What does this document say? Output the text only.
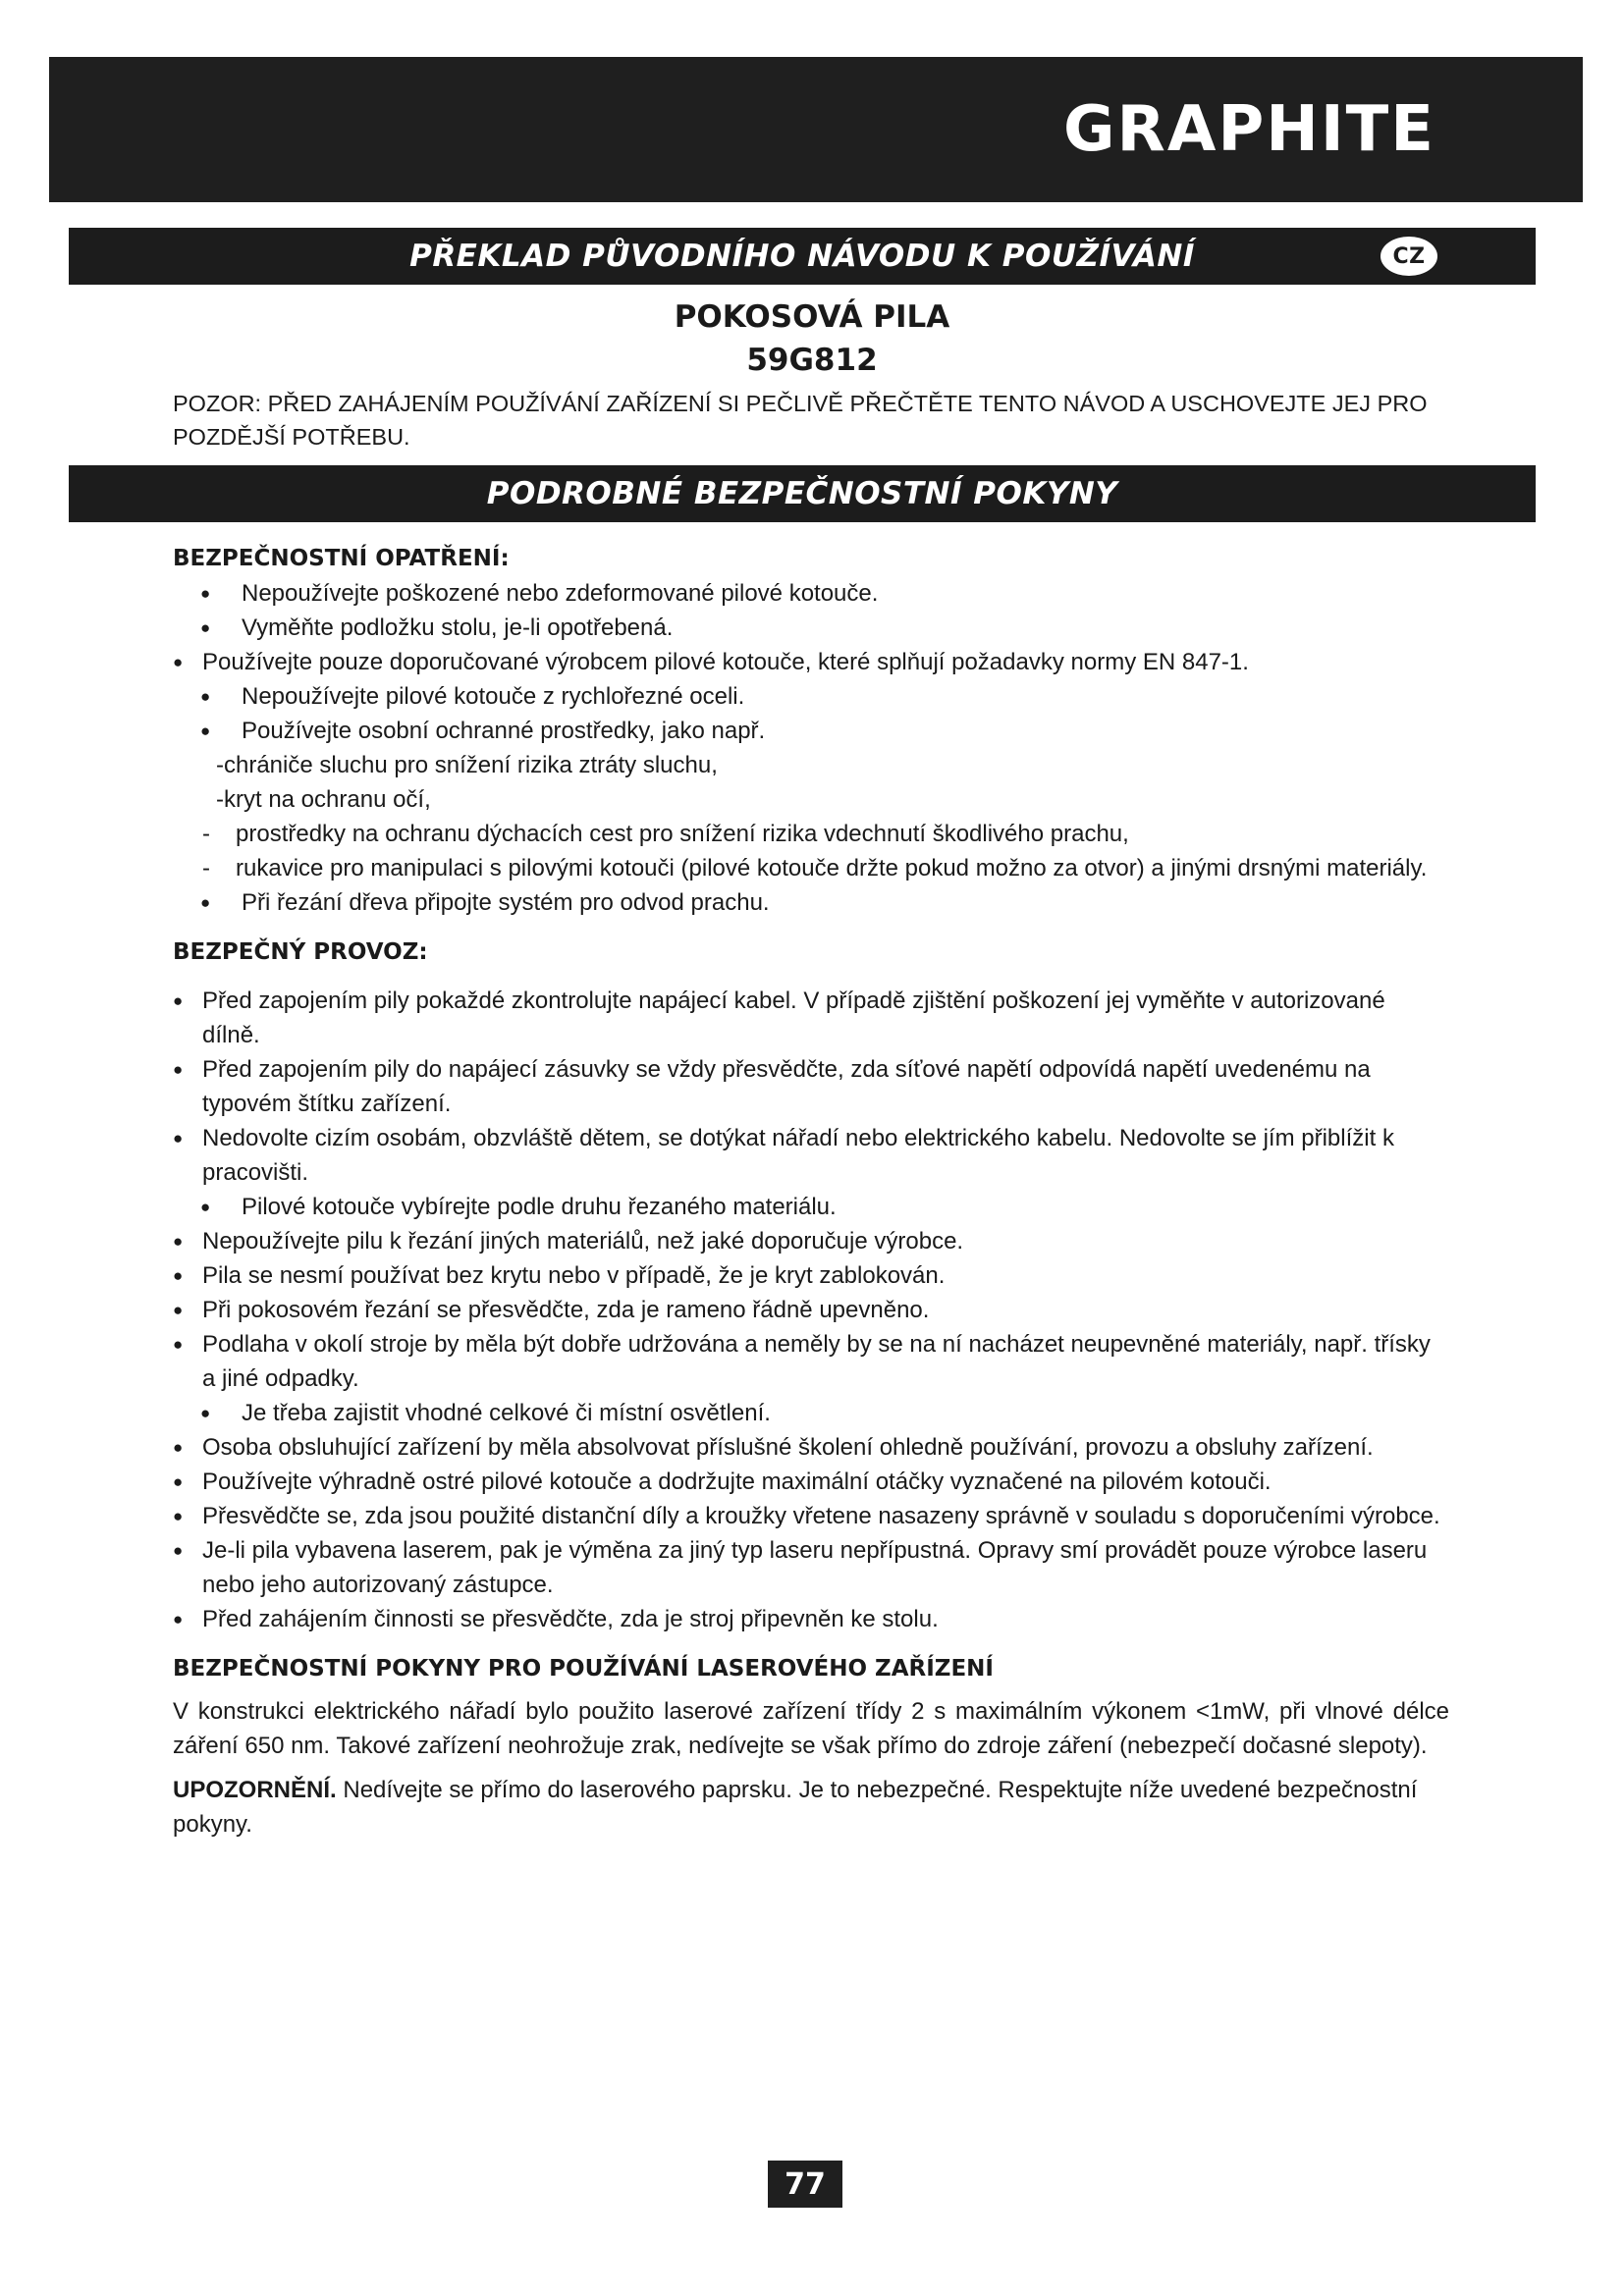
GRAPHITE
PŘEKLAD PŮVODNÍHO NÁVODU K POUŽÍVÁNÍ	CZ
POKOSOVÁ PILA
59G812
POZOR: PŘED ZAHÁJENÍM POUŽÍVÁNÍ ZAŘÍZENÍ SI PEČLIVĚ PŘEČTĚTE TENTO NÁVOD A USCHOVEJTE JEJ PRO POZDĚJŠÍ POTŘEBU.
PODROBNÉ BEZPEČNOSTNÍ POKYNY
BEZPEČNOSTNÍ OPATŘENÍ:
● Nepoužívejte poškozené nebo zdeformované pilové kotouče.
● Vyměňte podložku stolu, je-li opotřebená.
● Používejte pouze doporučované výrobcem pilové kotouče, které splňují požadavky normy EN 847-1.
● Nepoužívejte pilové kotouče z rychlořezné oceli.
● Používejte osobní ochranné prostředky, jako např.
-chrániče sluchu pro snížení rizika ztráty sluchu,
-kryt na ochranu očí,
- prostředky na ochranu dýchacích cest pro snížení rizika vdechnutí škodlivého prachu,
- rukavice pro manipulaci s pilovými kotouči (pilové kotouče držte pokud možno za otvor) a jinými drsnými materiály.
● Při řezání dřeva připojte systém pro odvod prachu.
BEZPEČNÝ PROVOZ:
● Před zapojením pily pokaždé zkontrolujte napájecí kabel. V případě zjištění poškození jej vyměňte v autorizované dílně.
● Před zapojením pily do napájecí zásuvky se vždy přesvědčte, zda síťové napětí odpovídá napětí uvedenému na typovém štítku zařízení.
● Nedovolte cizím osobám, obzvláště dětem, se dotýkat nářadí nebo elektrického kabelu. Nedovolte se jím přiblížit k pracovišti.
● Pilové kotouče vybírejte podle druhu řezaného materiálu.
● Nepoužívejte pilu k řezání jiných materiálů, než jaké doporučuje výrobce.
● Pila se nesmí používat bez krytu nebo v případě, že je kryt zablokován.
● Při pokosovém řezání se přesvědčte, zda je rameno řádně upevněno.
● Podlaha v okolí stroje by měla být dobře udržována a neměly by se na ní nacházet neupevněné materiály, např. třísky a jiné odpadky.
● Je třeba zajistit vhodné celkové či místní osvětlení.
● Osoba obsluhující zařízení by měla absolvovat příslušné školení ohledně používání, provozu a obsluhy zařízení.
● Používejte výhradně ostré pilové kotouče a dodržujte maximální otáčky vyznačené na pilovém kotouči.
● Přesvědčte se, zda jsou použité distanční díly a kroužky vřetene nasazeny správně v souladu s doporučeními výrobce.
● Je-li pila vybavena laserem, pak je výměna za jiný typ laseru nepřípustná. Opravy smí provádět pouze výrobce laseru nebo jeho autorizovaný zástupce.
● Před zahájením činnosti se přesvědčte, zda je stroj připevněn ke stolu.
BEZPEČNOSTNÍ POKYNY PRO POUŽÍVÁNÍ LASEROVÉHO ZAŘÍZENÍ

V konstrukci elektrického nářadí bylo použito laserové zařízení třídy 2 s maximálním výkonem <1mW, při vlnové délce záření 650 nm. Takové zařízení neohrožuje zrak, nedívejte se však přímo do zdroje záření (nebezpečí dočasné slepoty).

UPOZORNĚNÍ. Nedívejte se přímo do laserového paprsku. Je to nebezpečné. Respektujte níže uvedené bezpečnostní pokyny.

77
